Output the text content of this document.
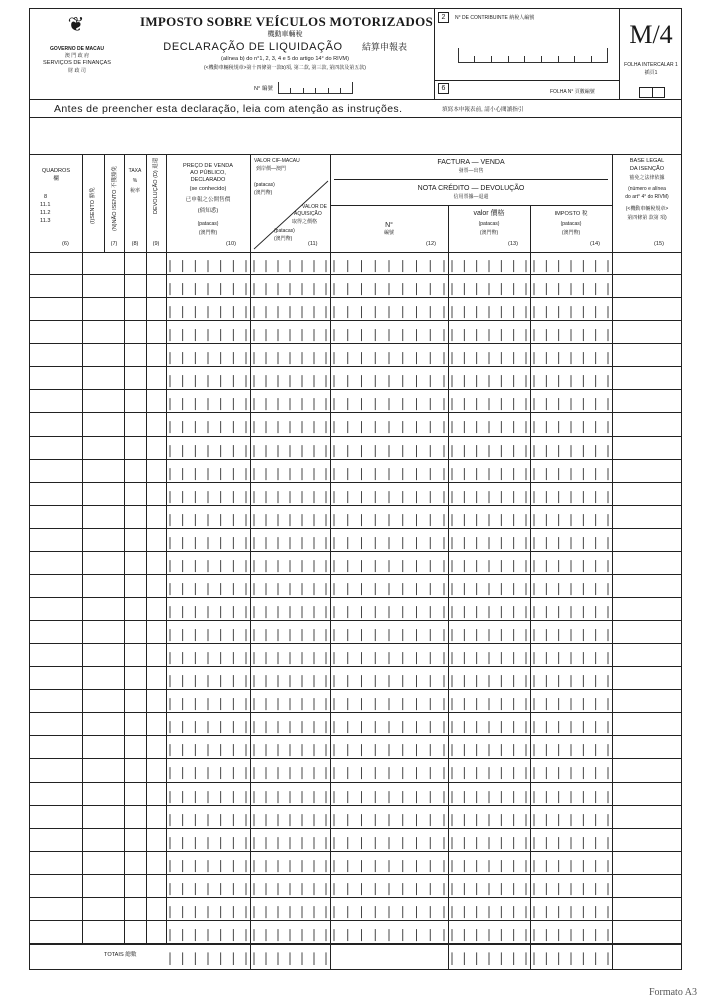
❦
GOVERNO DE MACAU
澳 門 政 府
SERVIÇOS DE FINANÇAS
財 政 司
IMPOSTO SOBRE VEÍCULOS MOTORIZADOS
機動車輛稅
DECLARAÇÃO DE LIQUIDAÇÃO	結算申報表
(alínea b) do n°1, 2, 3, 4 e 5 do artigo 14° do RIVM)
(<機動車輛稅規章>第十四條第一款b)項, 第二款, 第三款, 第四款及第五款)
N° 編號
2	N° DE CONTRIBUINTE 納稅人編號
M/4
FOLHA INTERCALAR 1
插頁1
6	FOLHA N° 頁數編號
Antes de preencher esta declaração, leia com atenção as instruções.	填寫本申報表前, 請小心閱讀指引
QUADROS
欄
8
11.1
11.2
11.3
(6)
(I)SENTO 豁免	(N)NÃO ISENTO 不獲豁免
(7)
TAXA
%
稅率
(8)
DEVOLUÇÃO (D) 退還
(9)
PREÇO DE VENDA
AO PÚBLICO,
DECLARADO
(se conhecido)
已申報之公開售價
(倘知悉)
(patacas)
(澳門幣)
(10)
VALOR CIF-MACAU
到岸價—澳門
(patacas)
(澳門幣)
VALOR DE
AQUISIÇÃO
取得之價格
(patacas)
(澳門幣)
(11)
FACTURA — VENDA
發票—出售
NOTA CRÉDITO — DEVOLUÇÃO
信用票據—退還
N°
編號
(12)
valor 價格
(patacas)
(澳門幣)
(13)
IMPOSTO 稅
(patacas)
(澳門幣)
(14)
BASE LEGAL
DA ISENÇÃO
豁免之法律依據
(número e alínea
do art° 4° do RIVM)
(<機動車輛稅規章>
第四條第 款第 項)
(15)
TOTAIS 總數
Formato A3
